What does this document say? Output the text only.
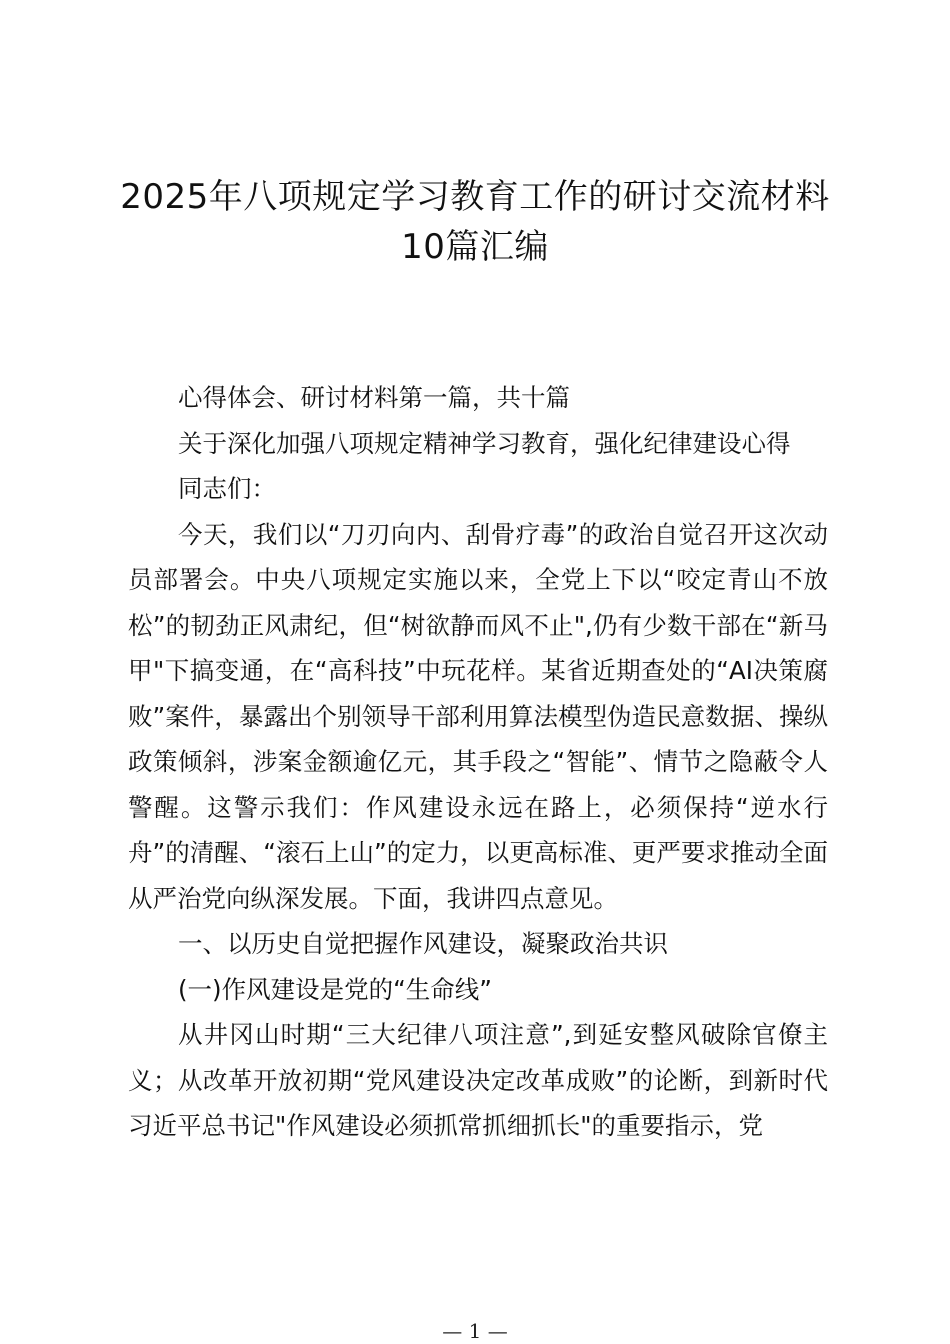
2025年八项规定学习教育工作的研讨交流材料10篇汇编

心得体会、研讨材料第一篇，共十篇

关于深化加强八项规定精神学习教育，强化纪律建设心得

同志们：

今天，我们以“刀刃向内、刮骨疗毒”的政治自觉召开这次动员部署会。中央八项规定实施以来，全党上下以“咬定青山不放松”的韧劲正风肃纪，但“树欲静而风不止",仍有少数干部在“新马甲"下搞变通，在“高科技”中玩花样。某省近期查处的“AI决策腐败”案件，暴露出个别领导干部利用算法模型伪造民意数据、操纵政策倾斜，涉案金额逾亿元，其手段之“智能”、情节之隐蔽令人警醒。这警示我们：作风建设永远在路上，必须保持“逆水行舟”的清醒、“滚石上山”的定力，以更高标准、更严要求推动全面从严治党向纵深发展。下面，我讲四点意见。

一、以历史自觉把握作风建设，凝聚政治共识

(一)作风建设是党的“生命线”

从井冈山时期“三大纪律八项注意”,到延安整风破除官僚主义；从改革开放初期“党风建设决定改革成败”的论断，到新时代习近平总书记"作风建设必须抓常抓细抓长"的重要指示，党

— 1 —
